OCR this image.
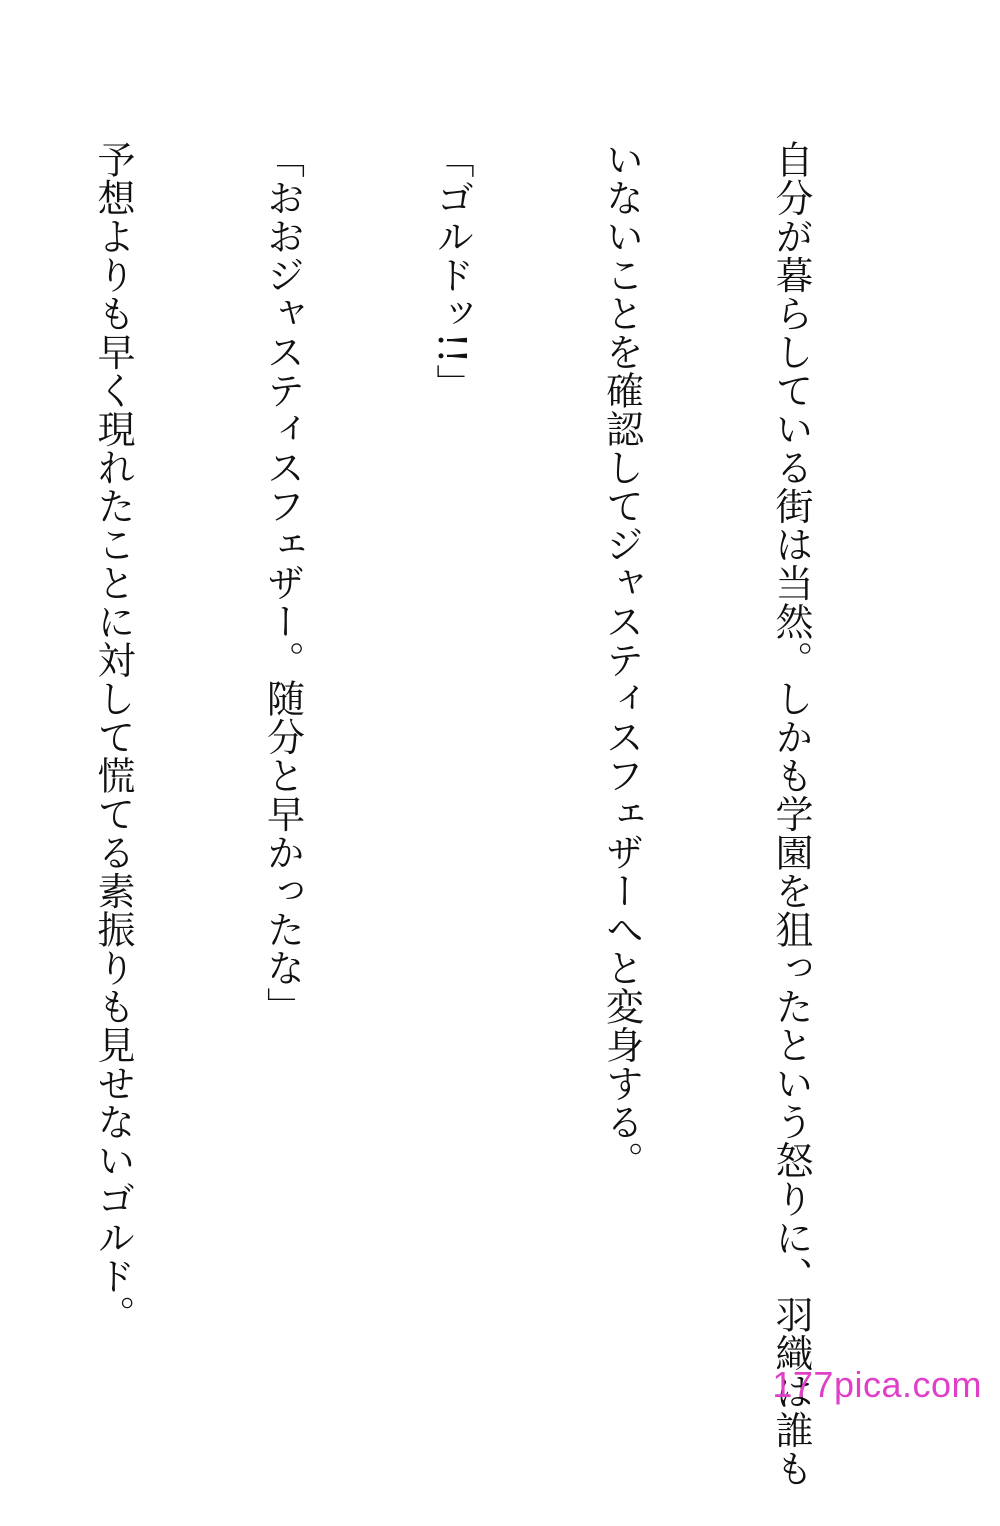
自分が暮らしている街は当然。しかも学園を狙ったという怒りに、羽織は誰も

いないことを確認してジャスティスフェザーへと変身する。

「ゴルドッ!!」

「おおジャスティスフェザー。随分と早かったな」

予想よりも早く現れたことに対して慌てる素振りも見せないゴルド。

177pica.com
